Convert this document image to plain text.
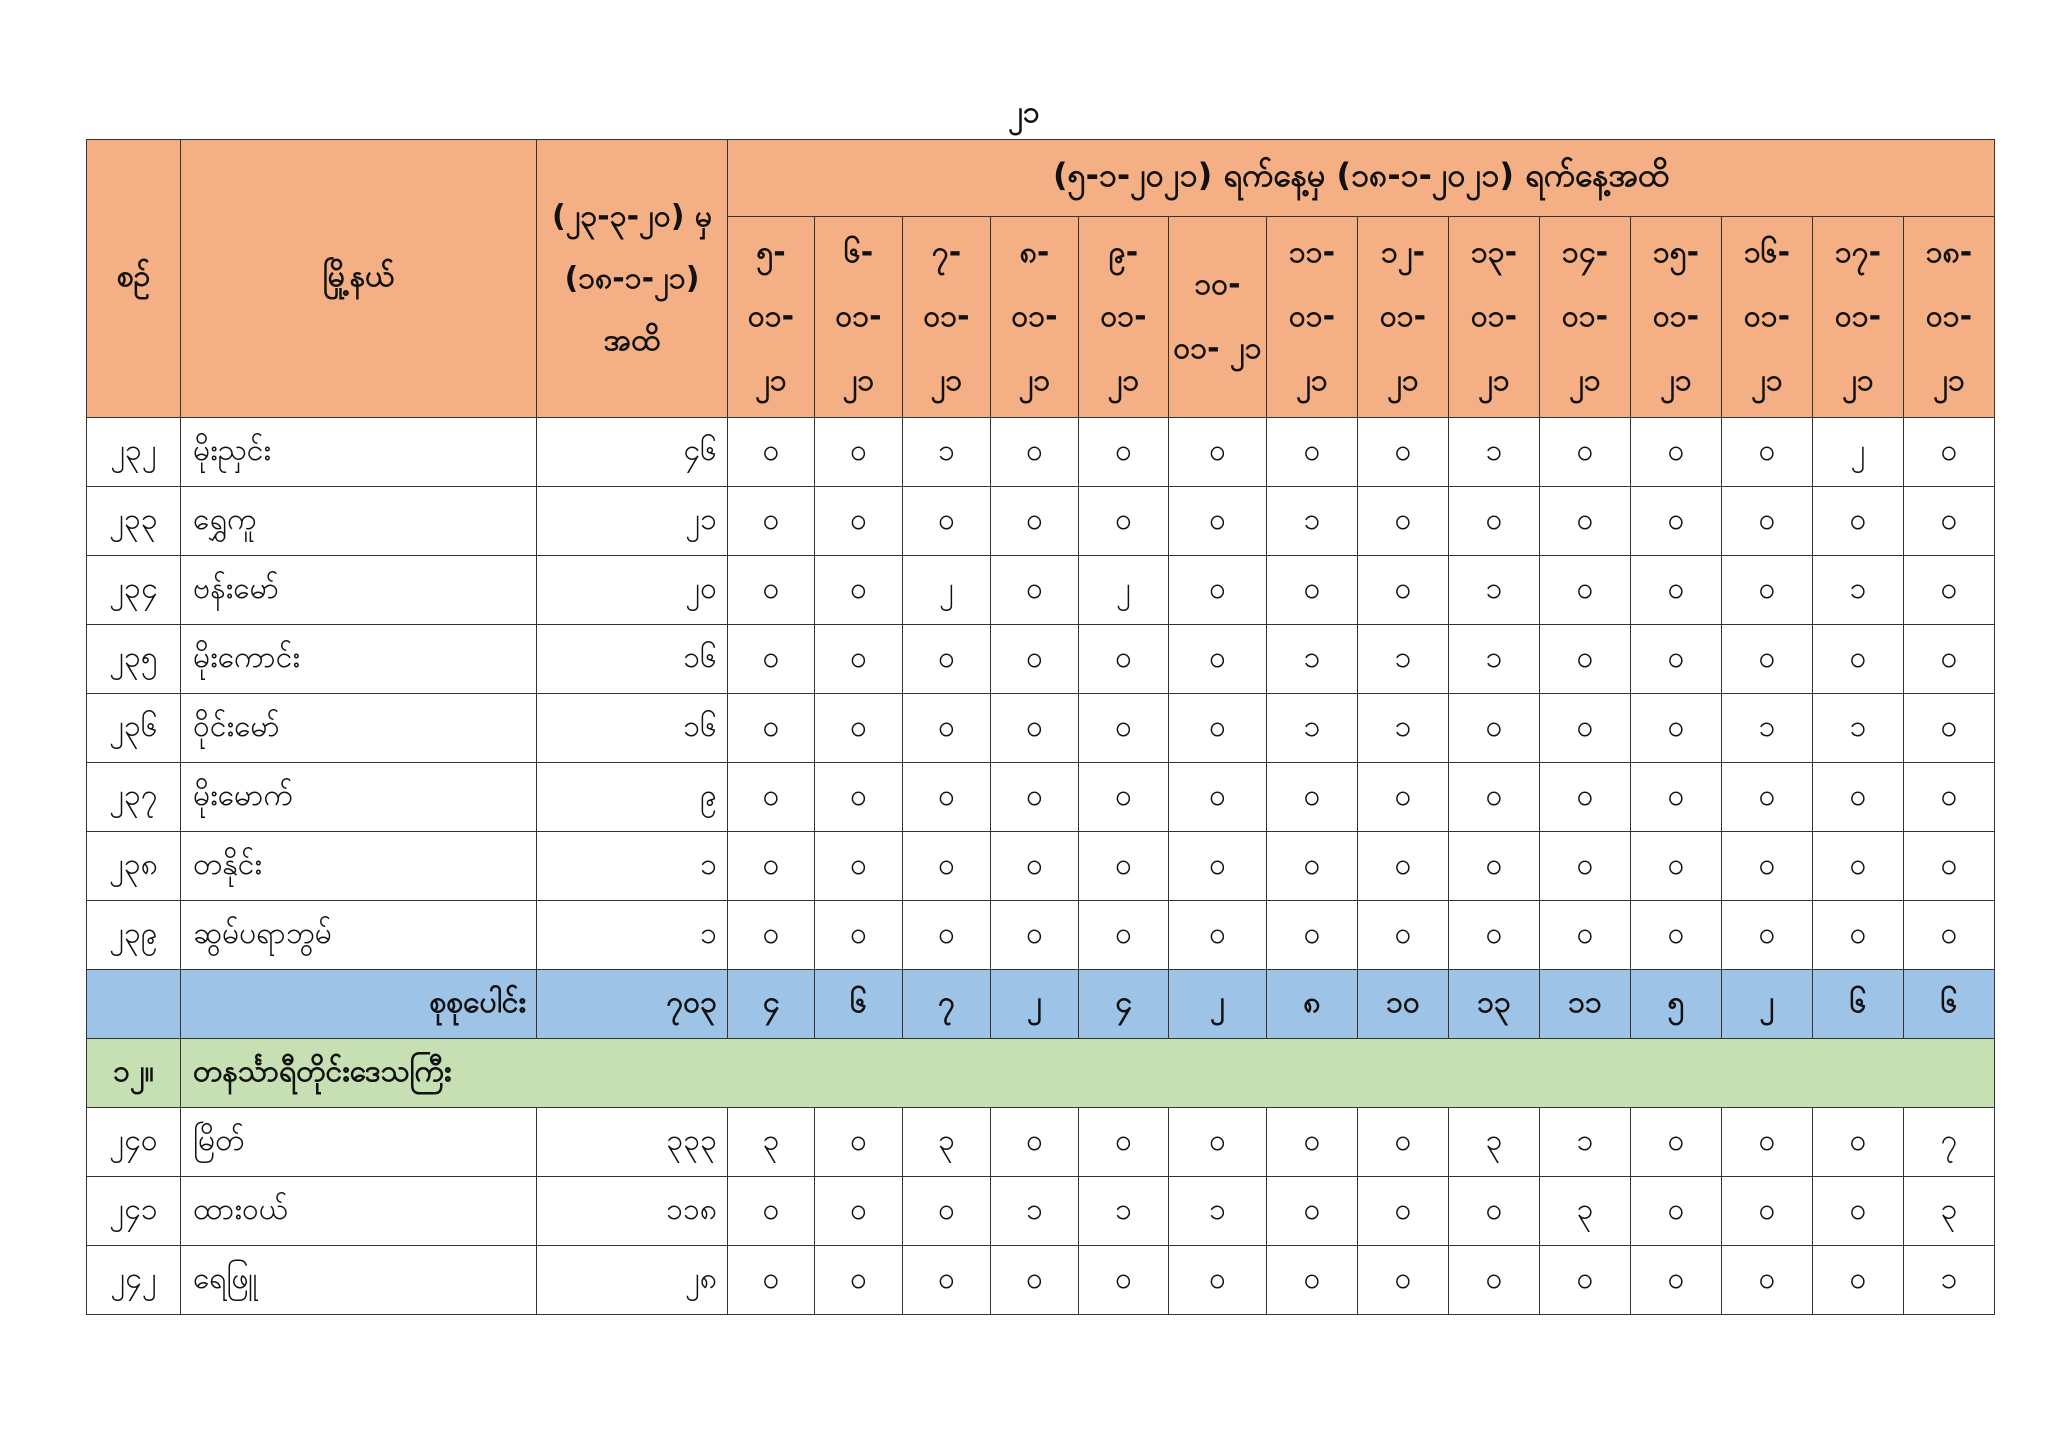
၂၁
စဉ်	မြို့နယ်	(၂၃-၃-၂၀) မှ (၁၈-၁-၂၁) အထိ	(၅-၁-၂၀၂၁) ရက်နေ့မှ (၁၈-၁-၂၀၂၁) ရက်နေ့အထိ													
			၅- ၀၁- ၂၁	၆- ၀၁- ၂၁	၇- ၀၁- ၂၁	၈- ၀၁- ၂၁	၉- ၀၁- ၂၁	၁၀- ၀၁- ၂၁	၁၁- ၀၁- ၂၁	၁၂- ၀၁- ၂၁	၁၃- ၀၁- ၂၁	၁၄- ၀၁- ၂၁	၁၅- ၀၁- ၂၁	၁၆- ၀၁- ၂၁	၁၇- ၀၁- ၂၁	၁၈- ၀၁- ၂၁
၂၃၂	မိုးညှင်း	၄၆	၀	၀	၁	၀	၀	၀	၀	၀	၁	၀	၀	၀	၂	၀
၂၃၃	ရွှေကူ	၂၁	၀	၀	၀	၀	၀	၀	၁	၀	၀	၀	၀	၀	၀	၀
၂၃၄	ဗန်းမော်	၂၀	၀	၀	၂	၀	၂	၀	၀	၀	၁	၀	၀	၀	၁	၀
၂၃၅	မိုးကောင်း	၁၆	၀	၀	၀	၀	၀	၀	၁	၁	၁	၀	၀	၀	၀	၀
၂၃၆	ဝိုင်းမော်	၁၆	၀	၀	၀	၀	၀	၀	၁	၁	၀	၀	၀	၁	၁	၀
၂၃၇	မိုးမောက်	၉	၀	၀	၀	၀	၀	၀	၀	၀	၀	၀	၀	၀	၀	၀
၂၃၈	တနိုင်း	၁	၀	၀	၀	၀	၀	၀	၀	၀	၀	၀	၀	၀	၀	၀
၂၃၉	ဆွမ်ပရာဘွမ်	၁	၀	၀	၀	၀	၀	၀	၀	၀	၀	၀	၀	၀	၀	၀
	စုစုပေါင်း	၇၀၃	၄	၆	၇	၂	၄	၂	၈	၁၀	၁၃	၁၁	၅	၂	၆	၆
၁၂။	တနင်္သာရီတိုင်းဒေသကြီး															
၂၄၀	မြိတ်	၃၃၃	၃	၀	၃	၀	၀	၀	၀	၀	၃	၁	၀	၀	၀	၇
၂၄၁	ထားဝယ်	၁၁၈	၀	၀	၀	၁	၁	၁	၀	၀	၀	၃	၀	၀	၀	၃
၂၄၂	ရေဖြူ	၂၈	၀	၀	၀	၀	၀	၀	၀	၀	၀	၀	၀	၀	၀	၁
